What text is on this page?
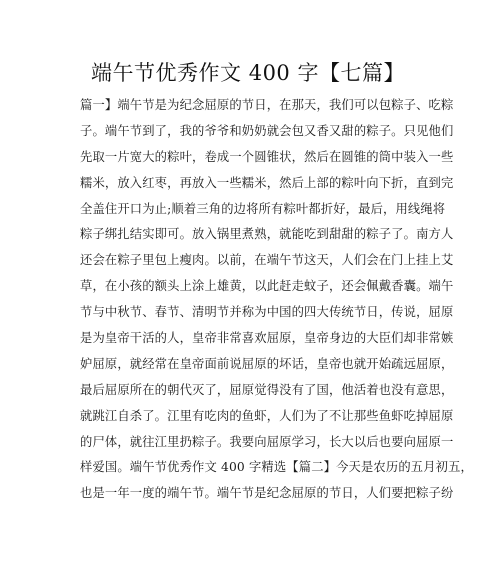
端午节优秀作文 400 字【七篇】
篇一】端午节是为纪念屈原的节日，在那天，我们可以包粽子、吃粽
子。端午节到了，我的爷爷和奶奶就会包又香又甜的粽子。只见他们
先取一片宽大的粽叶，卷成一个圆锥状，然后在圆锥的筒中装入一些
糯米，放入红枣，再放入一些糯米，然后上部的粽叶向下折，直到完
全盖住开口为止;顺着三角的边将所有粽叶都折好，最后，用线绳将
粽子绑扎结实即可。放入锅里煮熟，就能吃到甜甜的粽子了。南方人
还会在粽子里包上瘦肉。以前，在端午节这天，人们会在门上挂上艾
草，在小孩的额头上涂上雄黄，以此赶走蚊子，还会佩戴香囊。端午
节与中秋节、春节、清明节并称为中国的四大传统节日，传说，屈原
是为皇帝干活的人，皇帝非常喜欢屈原，皇帝身边的大臣们却非常嫉
妒屈原，就经常在皇帝面前说屈原的坏话，皇帝也就开始疏远屈原，
最后屈原所在的朝代灭了，屈原觉得没有了国，他活着也没有意思，
就跳江自杀了。江里有吃肉的鱼虾，人们为了不让那些鱼虾吃掉屈原
的尸体，就往江里扔粽子。我要向屈原学习，长大以后也要向屈原一
样爱国。端午节优秀作文 400 字精选【篇二】今天是农历的五月初五，
也是一年一度的端午节。端午节是纪念屈原的节日，人们要把粽子纷
